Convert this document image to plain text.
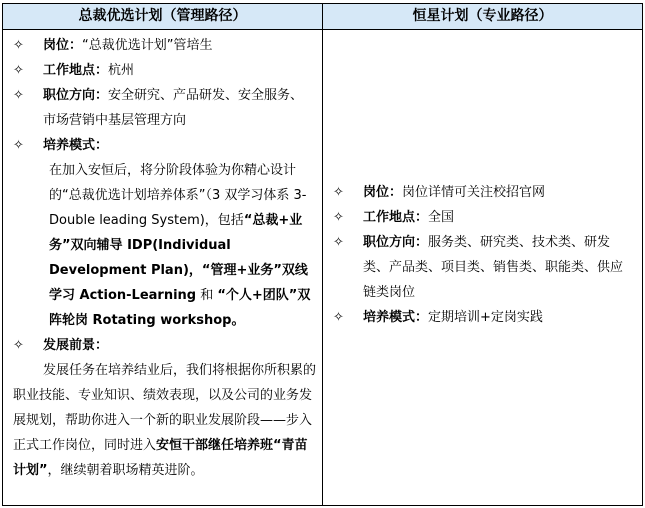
总裁优选计划（管理路径）	恒星计划（专业路径）
✧ 岗位：“总裁优选计划”管培生
✧ 工作地点：杭州
✧ 职位方向：安全研究、产品研发、安全服务、市场营销中基层管理方向
✧ 培养模式：
在加入安恒后，将分阶段体验为你精心设计的“总裁优选计划培养体系”（3 双学习体系 3-Double leading System)，包括“总裁+业务”双向辅导 IDP(Individual Development Plan)，“管理+业务”双线学习 Action-Learning 和 “个人+团队”双阵轮岗 Rotating workshop。
✧ 发展前景：
发展任务在培养结业后，我们将根据你所积累的职业技能、专业知识、绩效表现，以及公司的业务发展规划，帮助你进入一个新的职业发展阶段——步入正式工作岗位，同时进入安恒干部继任培养班“青苗计划”，继续朝着职场精英进阶。
✧ 岗位：岗位详情可关注校招官网
✧ 工作地点：全国
✧ 职位方向：服务类、研究类、技术类、研发类、产品类、项目类、销售类、职能类、供应链类岗位
✧ 培养模式：定期培训+定岗实践
